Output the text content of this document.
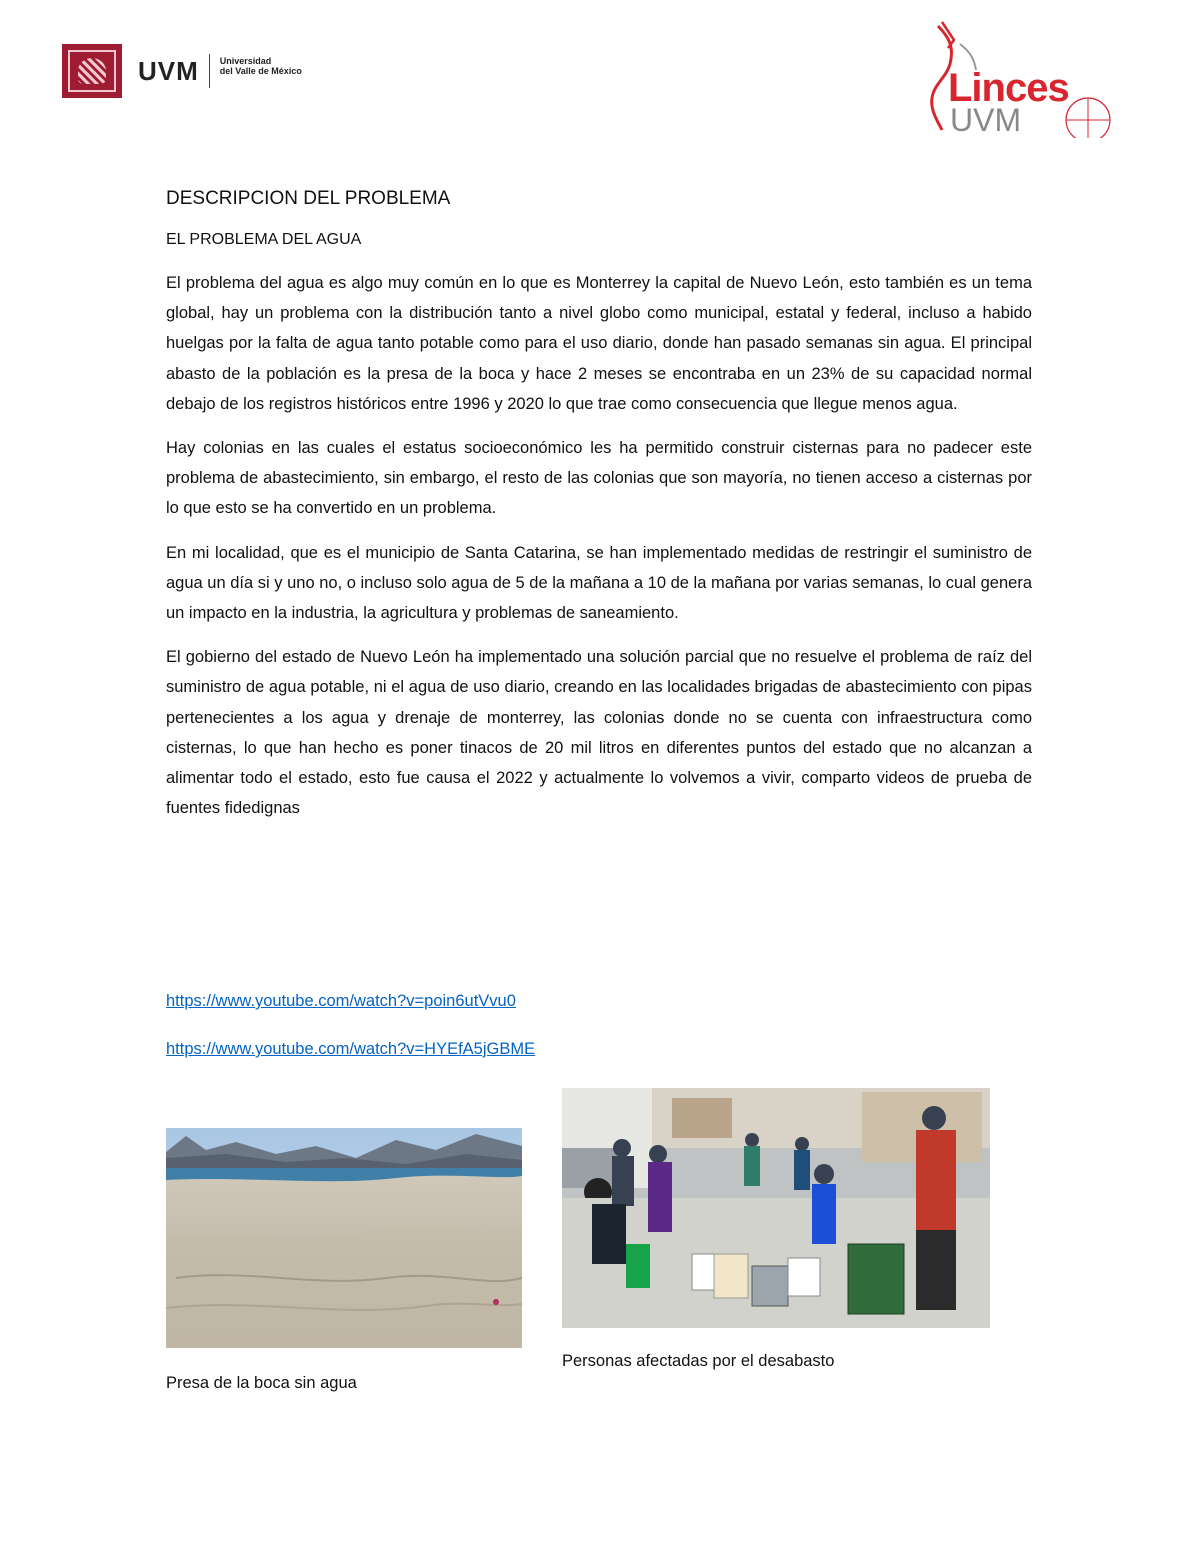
UVM Universidad
del Valle de México
	Linces
UVM
DESCRIPCION DEL PROBLEMA

EL PROBLEMA DEL AGUA

El problema del agua es algo muy común en lo que es Monterrey la capital de Nuevo León, esto también es un tema global, hay un problema con la distribución tanto a nivel globo como municipal, estatal y federal, incluso a habido huelgas por la falta de agua tanto potable como para el uso diario, donde han pasado semanas sin agua. El principal abasto de la población es la presa de la boca y hace 2 meses se encontraba en un 23% de su capacidad normal debajo de los registros históricos entre 1996 y 2020 lo que trae como consecuencia que llegue menos agua.

Hay colonias en las cuales el estatus socioeconómico les ha permitido construir cisternas para no padecer este problema de abastecimiento, sin embargo, el resto de las colonias que son mayoría, no tienen acceso a cisternas por lo que esto se ha convertido en un problema.

En mi localidad, que es el municipio de Santa Catarina, se han implementado medidas de restringir el suministro de agua un día si y uno no, o incluso solo agua de 5 de la mañana a 10 de la mañana por varias semanas, lo cual genera un impacto en la industria, la agricultura y problemas de saneamiento.

El gobierno del estado de Nuevo León ha implementado una solución parcial que no resuelve el problema de raíz del suministro de agua potable, ni el agua de uso diario, creando en las localidades brigadas de abastecimiento con pipas pertenecientes a los agua y drenaje de monterrey, las colonias donde no se cuenta con infraestructura como cisternas, lo que han hecho es poner tinacos de 20 mil litros en diferentes puntos del estado que no alcanzan a alimentar todo el estado, esto fue causa el 2022 y actualmente lo volvemos a vivir, comparto videos de prueba de fuentes fidedignas

https://www.youtube.com/watch?v=poin6utVvu0
https://www.youtube.com/watch?v=HYEfA5jGBME
Presa de la boca sin agua
Personas afectadas por el desabasto
